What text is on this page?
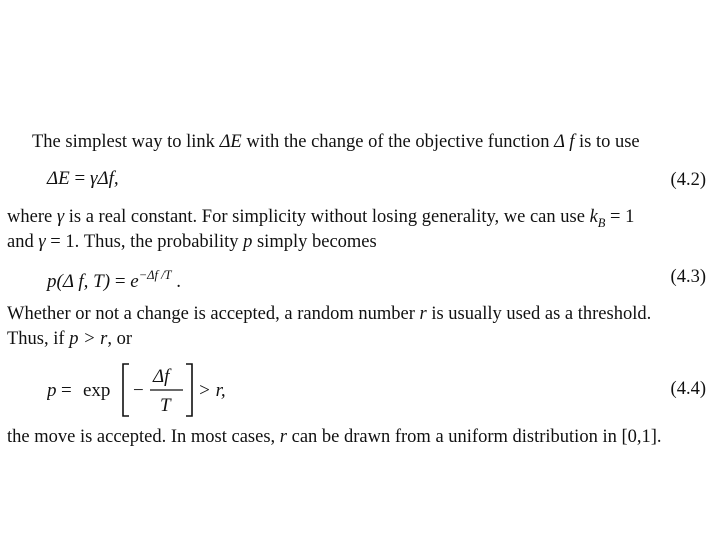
The simplest way to link ΔE with the change of the objective function Δ f is to use
ΔE = γΔf,	(4.2)
where γ is a real constant. For simplicity without losing generality, we can use $k_B = 1$
and γ = 1. Thus, the probability p simply becomes
p(Δ f, $T) = e^{-\Delta f /T}$ .	(4.3)
Whether or not a change is accepted, a random number r is usually used as a threshold.
Thus, if p > r, or
p = exp −
Δf
T
> r,	(4.4)
the move is accepted. In most cases, r can be drawn from a uniform distribution in [0,1].
